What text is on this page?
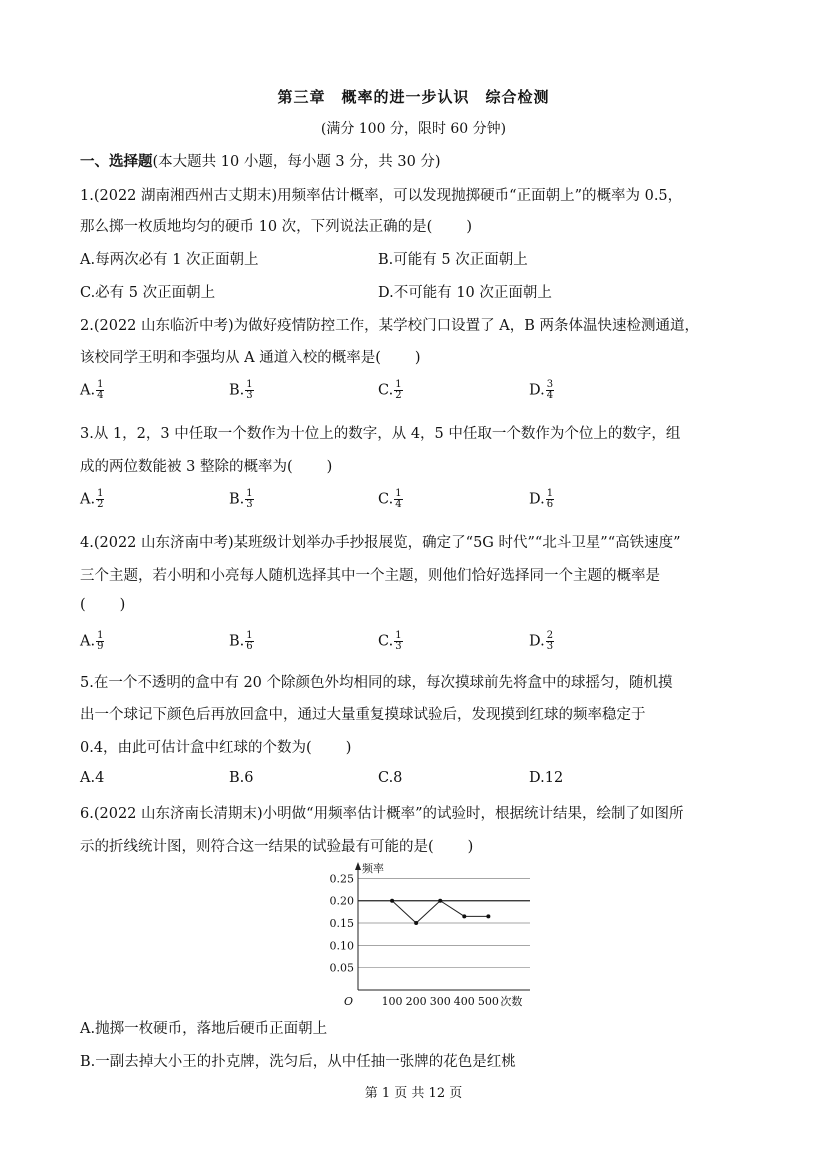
第三章　概率的进一步认识　综合检测
(满分 100 分，限时 60 分钟)
一、选择题(本大题共 10 小题，每小题 3 分，共 30 分)
1.(2022 湖南湘西州古丈期末)用频率估计概率，可以发现抛掷硬币“正面朝上”的概率为 0.5，
那么掷一枚质地均匀的硬币 10 次，下列说法正确的是( )
A.每两次必有 1 次正面朝上	B.可能有 5 次正面朝上
C.必有 5 次正面朝上	D.不可能有 10 次正面朝上
2.(2022 山东临沂中考)为做好疫情防控工作，某学校门口设置了 A，B 两条体温快速检测通道，
该校同学王明和李强均从 A 通道入校的概率是( )
A. $\frac{1}{4}$	B. $\frac{1}{3}$	C. $\frac{1}{2}$	D. $\frac{3}{4}$
3.从 1，2，3 中任取一个数作为十位上的数字，从 4，5 中任取一个数作为个位上的数字，组
成的两位数能被 3 整除的概率为( )
A. $\frac{1}{2}$	B. $\frac{1}{3}$	C. $\frac{1}{4}$	D. $\frac{1}{6}$
4.(2022 山东济南中考)某班级计划举办手抄报展览，确定了“5G 时代”“北斗卫星”“高铁速度”
三个主题，若小明和小亮每人随机选择其中一个主题，则他们恰好选择同一个主题的概率是
( )
A. $\frac{1}{9}$	B. $\frac{1}{6}$	C. $\frac{1}{3}$	D. $\frac{2}{3}$
5.在一个不透明的盒中有 20 个除颜色外均相同的球，每次摸球前先将盒中的球摇匀，随机摸
出一个球记下颜色后再放回盒中，通过大量重复摸球试验后，发现摸到红球的频率稳定于
0.4，由此可估计盒中红球的个数为( )
A.4	B.6	C.8	D.12
6.(2022 山东济南长清期末)小明做“用频率估计概率”的试验时，根据统计结果，绘制了如图所
示的折线统计图，则符合这一结果的试验最有可能的是( )
0.05
0.10
0.15
0.20
0.25
100 200 300 400 500
O
频率
次数
A.抛掷一枚硬币，落地后硬币正面朝上
B.一副去掉大小王的扑克牌，洗匀后，从中任抽一张牌的花色是红桃
第 1 页 共 12 页
